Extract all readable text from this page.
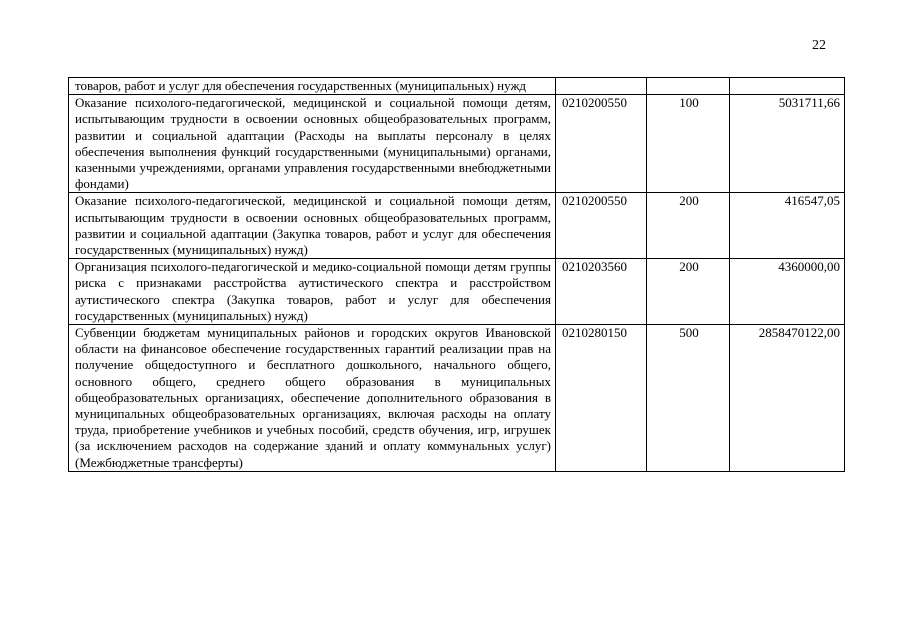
22
товаров, работ и услуг для обеспечения государственных (муниципальных) нужд			
Оказание психолого-педагогической, медицинской и социальной помощи детям, испытывающим трудности в освоении основных общеобразовательных программ, развитии и социальной адаптации (Расходы на выплаты персоналу в целях обеспечения выполнения функций государственными (муниципальными) органами, казенными учреждениями, органами управления государственными внебюджетными фондами)	0210200550	100	5031711,66
Оказание психолого-педагогической, медицинской и социальной помощи детям, испытывающим трудности в освоении основных общеобразовательных программ, развитии и социальной адаптации (Закупка товаров, работ и услуг для обеспечения государственных (муниципальных) нужд)	0210200550	200	416547,05
Организация психолого-педагогической и медико-социальной помощи детям группы риска с признаками расстройства аутистического спектра и расстройством аутистического спектра (Закупка товаров, работ и услуг для обеспечения государственных (муниципальных) нужд)	0210203560	200	4360000,00
Субвенции бюджетам муниципальных районов и городских округов Ивановской области на финансовое обеспечение государственных гарантий реализации прав на получение общедоступного и бесплатного дошкольного, начального общего, основного общего, среднего общего образования в муниципальных общеобразовательных организациях, обеспечение дополнительного образования в муниципальных общеобразовательных организациях, включая расходы на оплату труда, приобретение учебников и учебных пособий, средств обучения, игр, игрушек (за исключением расходов на содержание зданий и оплату коммунальных услуг) (Межбюджетные трансферты)	0210280150	500	2858470122,00
